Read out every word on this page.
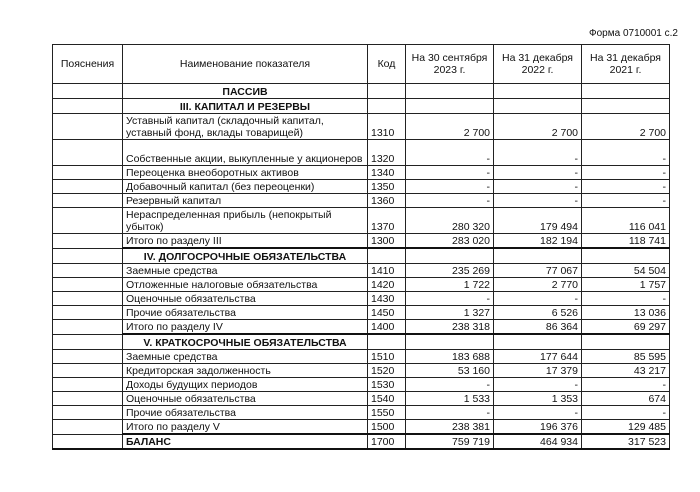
Форма 0710001 с.2
Пояснения	Наименование показателя	Код	На 30 сентября 2023 г.	На 31 декабря 2022 г.	На 31 декабря 2021 г.
	ПАССИВ				
	III. КАПИТАЛ И РЕЗЕРВЫ				
	Уставный капитал (складочный капитал, уставный фонд, вклады товарищей)	1310	2 700	2 700	2 700
	Собственные акции, выкупленные у акционеров	1320	-	-	-
	Переоценка внеоборотных активов	1340	-	-	-
	Добавочный капитал (без переоценки)	1350	-	-	-
	Резервный капитал	1360	-	-	-
	Нераспределенная прибыль (непокрытый убыток)	1370	280 320	179 494	116 041
	Итого по разделу III	1300	283 020	182 194	118 741
	IV. ДОЛГОСРОЧНЫЕ ОБЯЗАТЕЛЬСТВА				
	Заемные средства	1410	235 269	77 067	54 504
	Отложенные налоговые обязательства	1420	1 722	2 770	1 757
	Оценочные обязательства	1430	-	-	-
	Прочие обязательства	1450	1 327	6 526	13 036
	Итого по разделу IV	1400	238 318	86 364	69 297
	V. КРАТКОСРОЧНЫЕ ОБЯЗАТЕЛЬСТВА				
	Заемные средства	1510	183 688	177 644	85 595
	Кредиторская задолженность	1520	53 160	17 379	43 217
	Доходы будущих периодов	1530	-	-	-
	Оценочные обязательства	1540	1 533	1 353	674
	Прочие обязательства	1550	-	-	-
	Итого по разделу V	1500	238 381	196 376	129 485
	БАЛАНС	1700	759 719	464 934	317 523
